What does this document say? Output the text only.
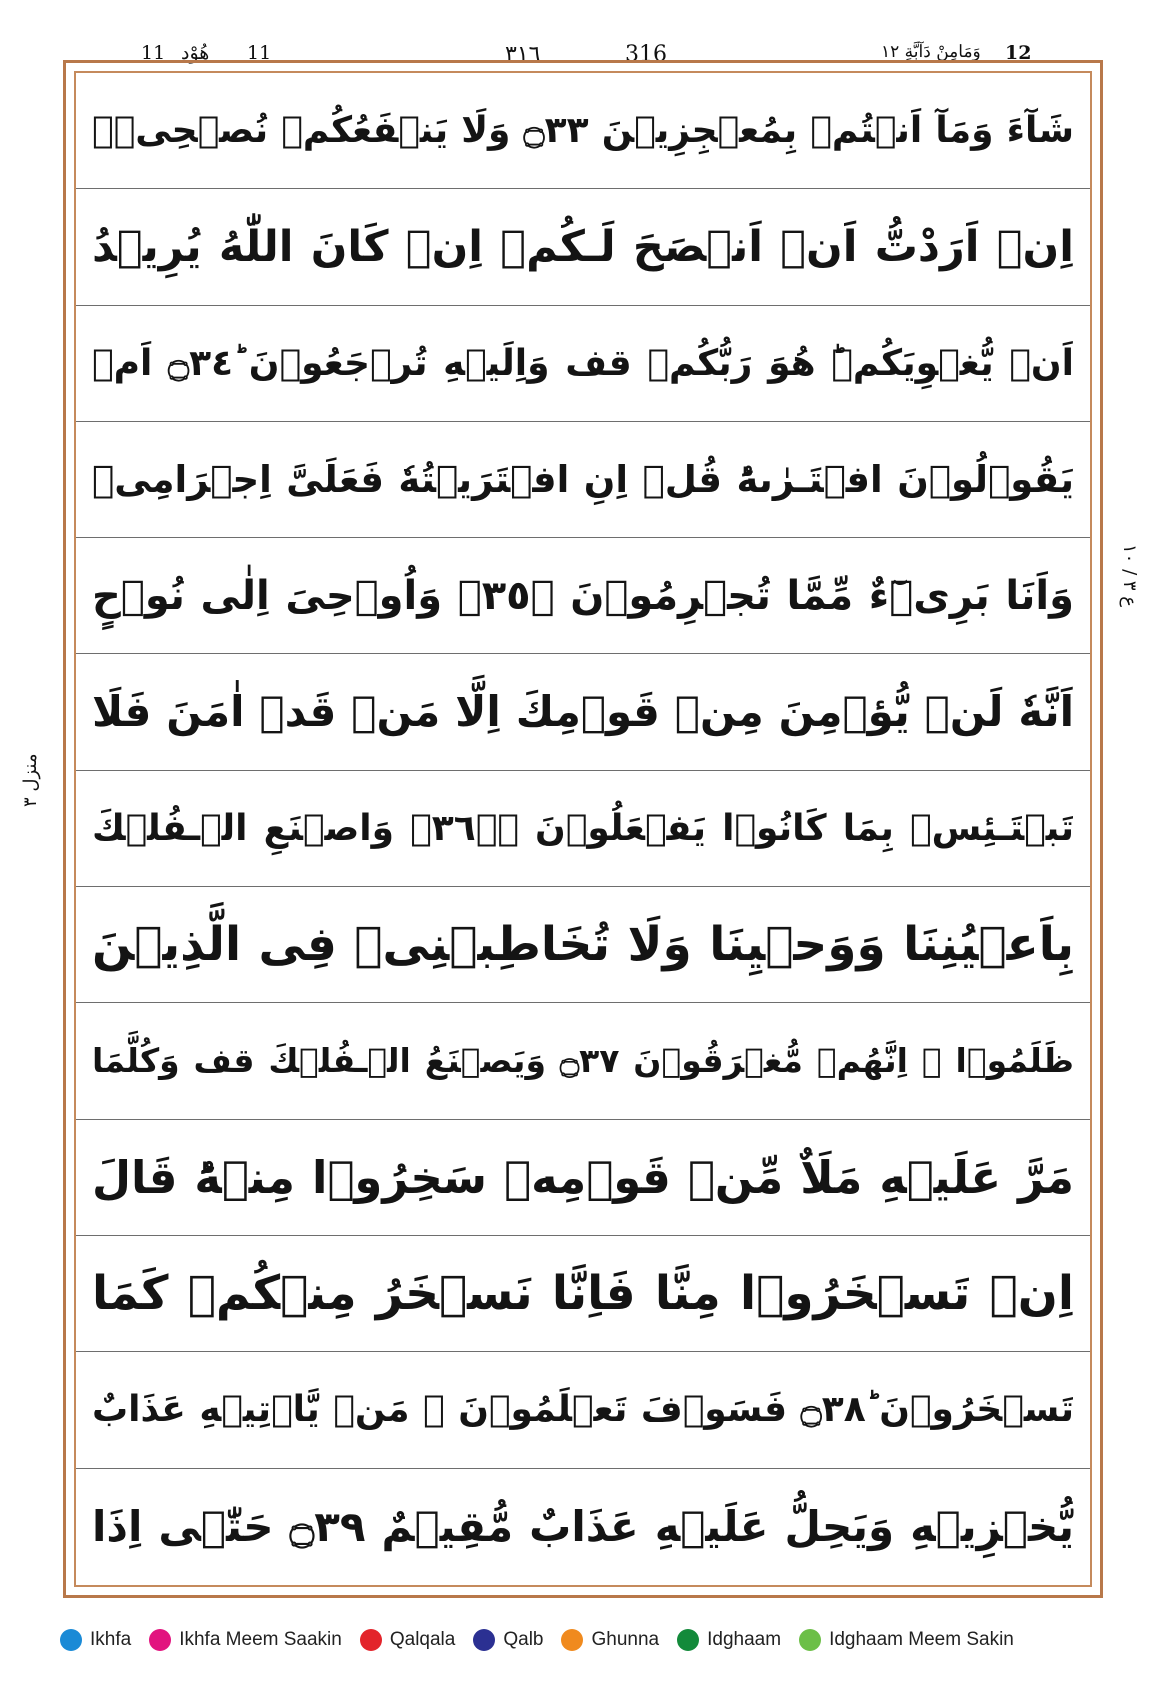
11 هُوْد 11	٣١٦	316	وَمَامِنْ دَآبَّةٍ ١٢ 12
شَآءَ وَمَآ اَنۡتُمۡ بِمُعۡجِزِيۡنَ ۝٣٣ وَلَا يَنۡفَعُكُمۡ نُصۡحِىۡۤ
اِنۡ اَرَدْتُّ اَنۡ اَنۡصَحَ لَـكُمۡ اِنۡ كَانَ اللّٰهُ يُرِيۡدُ
اَنۡ يُّغۡوِيَكُمۡ‌ؕ هُوَ رَبُّكُمۡ قف وَاِلَيۡهِ تُرۡجَعُوۡنَ ۝٣٤ؕ اَمۡ
يَقُوۡلُوۡنَ افۡتَـرٰٮهُ‌ؕ قُلۡ اِنِ افۡتَرَيۡتُهٗ فَعَلَىَّ اِجۡرَامِىۡ
وَاَنَا بَرِىۡٓءٌ مِّمَّا تُجۡرِمُوۡنَ ۝٣٥ؒ وَاُوۡحِىَ اِلٰى نُوۡحٍ
اَنَّهٗ لَنۡ يُّؤۡمِنَ مِنۡ قَوۡمِكَ اِلَّا مَنۡ قَدۡ اٰمَنَ فَلَا
تَبۡتَـئِسۡ بِمَا كَانُوۡا يَفۡعَلُوۡنَ ۝٣٦ۚۖ وَاصۡنَعِ الۡـفُلۡكَ
بِاَعۡيُنِنَا وَوَحۡيِنَا وَلَا تُخَاطِبۡنِىۡ فِى الَّذِيۡنَ
ظَلَمُوۡا‌ ۚ اِنَّهُمۡ مُّغۡرَقُوۡنَ ۝٣٧ وَيَصۡنَعُ الۡـفُلۡكَ قف وَكُلَّمَا
مَرَّ عَلَيۡهِ مَلَاٌ مِّنۡ قَوۡمِهٖ سَخِرُوۡا مِنۡهُ‌ؕ قَالَ
اِنۡ تَسۡخَرُوۡا مِنَّا فَاِنَّا نَسۡخَرُ مِنۡكُمۡ كَمَا
تَسۡخَرُوۡنَ ۝٣٨ؕ فَسَوۡفَ تَعۡلَمُوۡنَ ۙ مَنۡ يَّاۡتِيۡهِ عَذَابٌ
يُّخۡزِيۡهِ وَيَحِلُّ عَلَيۡهِ عَذَابٌ مُّقِيۡمٌ ۝٣٩ حَتّٰۤى اِذَا
ع ٣ / ١٠
منزل ٣
Ikhfa	Ikhfa Meem Saakin	Qalqala	Qalb	Ghunna	Idghaam	Idghaam Meem Sakin
